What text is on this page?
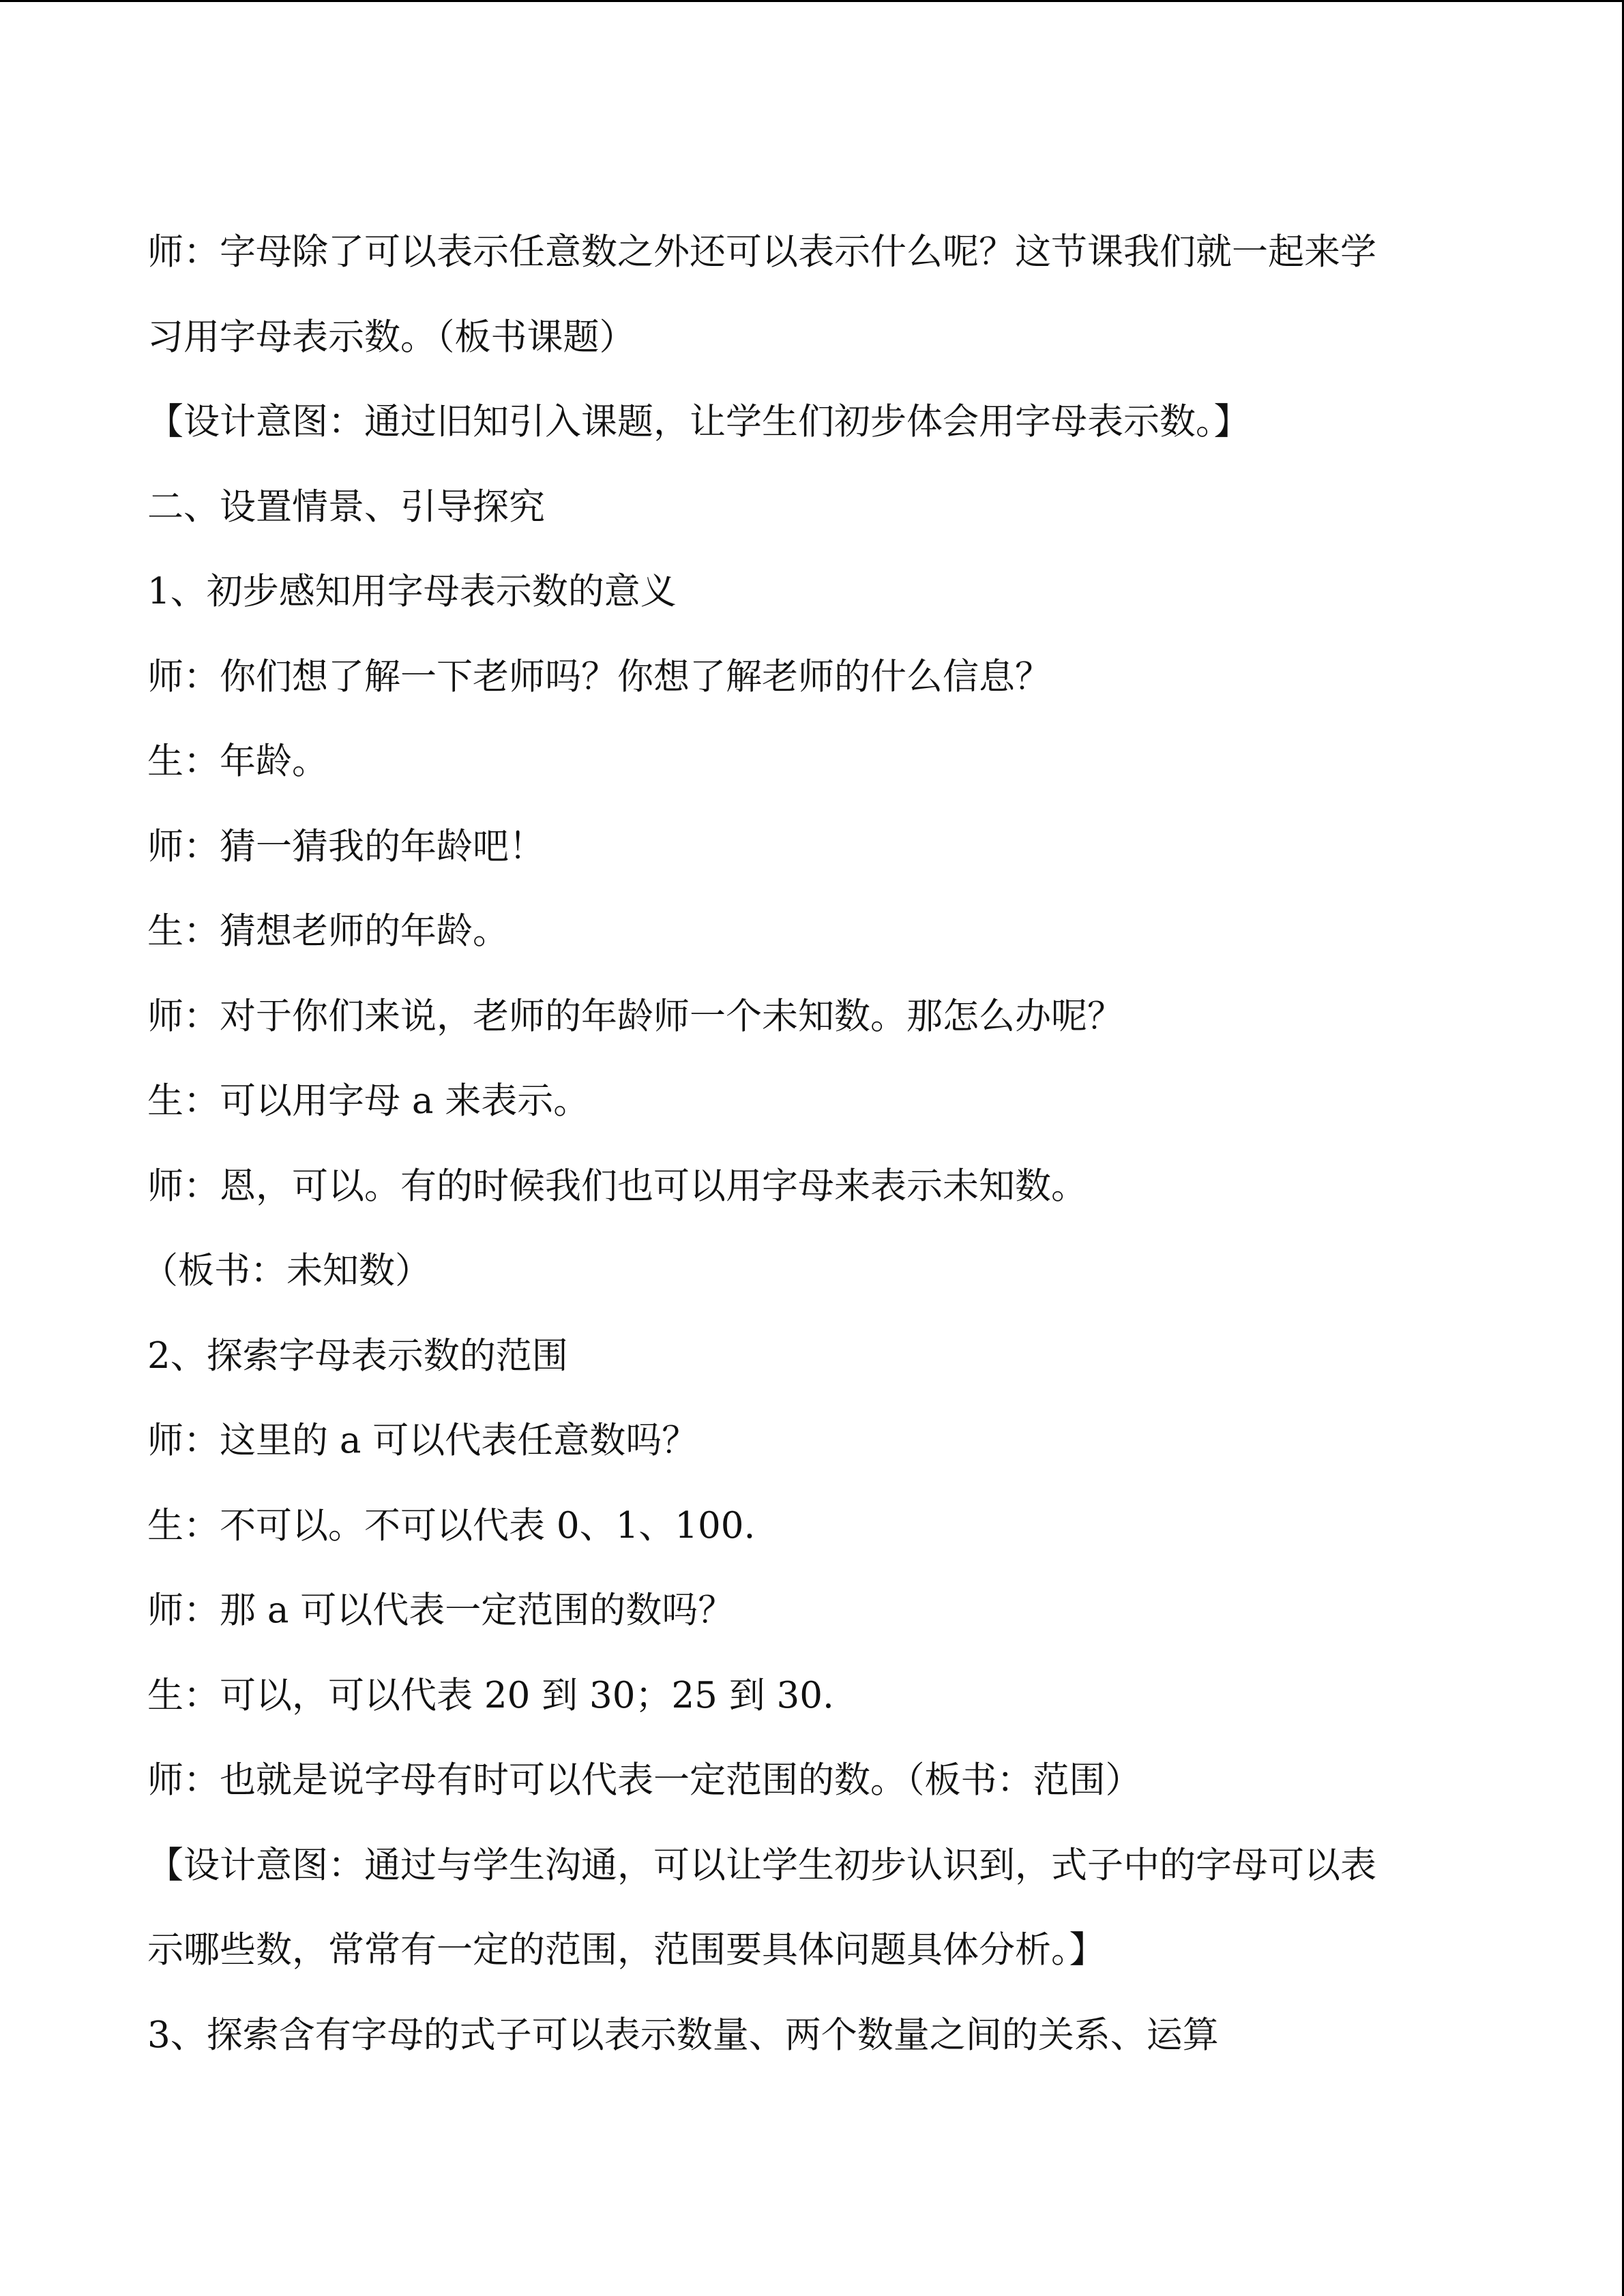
师：字母除了可以表示任意数之外还可以表示什么呢？这节课我们就一起来学
习用字母表示数。（板书课题）
【设计意图：通过旧知引入课题，让学生们初步体会用字母表示数。】
二、设置情景、引导探究
1、初步感知用字母表示数的意义
师：你们想了解一下老师吗？你想了解老师的什么信息？
生：年龄。
师：猜一猜我的年龄吧！
生：猜想老师的年龄。
师：对于你们来说，老师的年龄师一个未知数。那怎么办呢？
生：可以用字母 a 来表示。
师：恩，可以。有的时候我们也可以用字母来表示未知数。
（板书：未知数）
2、探索字母表示数的范围
师：这里的 a 可以代表任意数吗？
生：不可以。不可以代表 0、1、100.
师：那 a 可以代表一定范围的数吗？
生：可以，可以代表 20 到 30；25 到 30.
师：也就是说字母有时可以代表一定范围的数。（板书：范围）
【设计意图：通过与学生沟通，可以让学生初步认识到，式子中的字母可以表
示哪些数，常常有一定的范围，范围要具体问题具体分析。】
3、探索含有字母的式子可以表示数量、两个数量之间的关系、运算
